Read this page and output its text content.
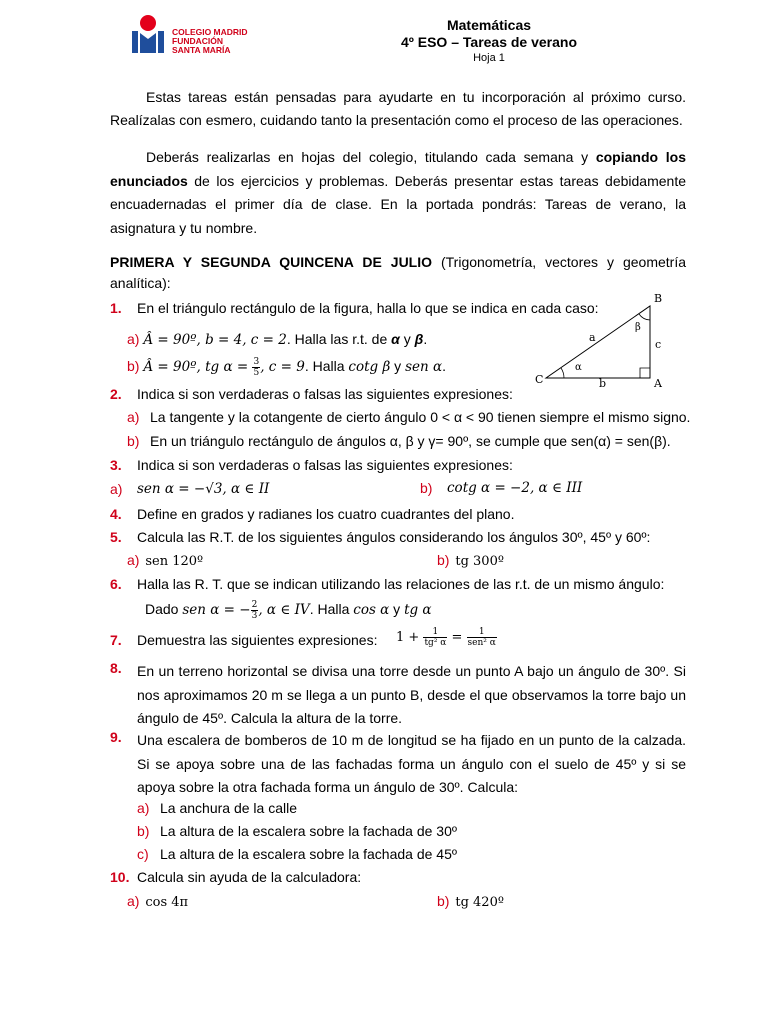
COLEGIO MADRID
FUNDACIÓN
SANTA MARÍA
Matemáticas
4º ESO – Tareas de verano
Hoja 1
Estas tareas están pensadas para ayudarte en tu incorporación al próximo curso. Realízalas con esmero, cuidando tanto la presentación como el proceso de las operaciones.
Deberás realizarlas en hojas del colegio, titulando cada semana y copiando los enunciados de los ejercicios y problemas. Deberás presentar estas tareas debidamente encuadernadas el primer día de clase. En la portada pondrás: Tareas de verano, la asignatura y tu nombre.
PRIMERA Y SEGUNDA QUINCENA DE JULIO (Trigonometría, vectores y geometría analítica):
B
C	A
a
b
c
α
β
1. En el triángulo rectángulo de la figura, halla lo que se indica en cada caso:
a) Â = 90º, b = 4, c = 2. Halla las r.t. de α y β.
b) Â = 90º, tg $\alpha = \frac{3}{5}$ , c = 9. Halla cotg β y sen α.
2. Indica si son verdaderas o falsas las siguientes expresiones:
a) La tangente y la cotangente de cierto ángulo 0 < α < 90 tienen siempre el mismo signo.
b) En un triángulo rectángulo de ángulos α, β y γ= 90º, se cumple que sen(α) = sen(β).
3. Indica si son verdaderas o falsas las siguientes expresiones:
a) sen α = −√3, α ∈ II	b) cotg α = −2, α ∈ III
4. Define en grados y radianes los cuatro cuadrantes del plano.
5. Calcula las R.T. de los siguientes ángulos considerando los ángulos 30º, 45º y 60º:
a) sen 120º	b) tg 300º
6. Halla las R. T. que se indican utilizando las relaciones de las r.t. de un mismo ángulo:
Dado sen α = − $\frac{2}{3}$ , α ∈ IV. Halla cos α y tg α
7. Demuestra las siguientes expresiones: $1 + \frac{1}{\text{tg² α}} = \frac{1}{\text{sen² α}}$
8. En un terreno horizontal se divisa una torre desde un punto A bajo un ángulo de 30º. Si nos aproximamos 20 m se llega a un punto B, desde el que observamos la torre bajo un ángulo de 45º. Calcula la altura de la torre.
9. Una escalera de bomberos de 10 m de longitud se ha fijado en un punto de la calzada. Si se apoya sobre una de las fachadas forma un ángulo con el suelo de 45º y si se apoya sobre la otra fachada forma un ángulo de 30º. Calcula:
a) La anchura de la calle
b) La altura de la escalera sobre la fachada de 30º
c) La altura de la escalera sobre la fachada de 45º
10. Calcula sin ayuda de la calculadora:
a) cos 4π	b) tg 420º
